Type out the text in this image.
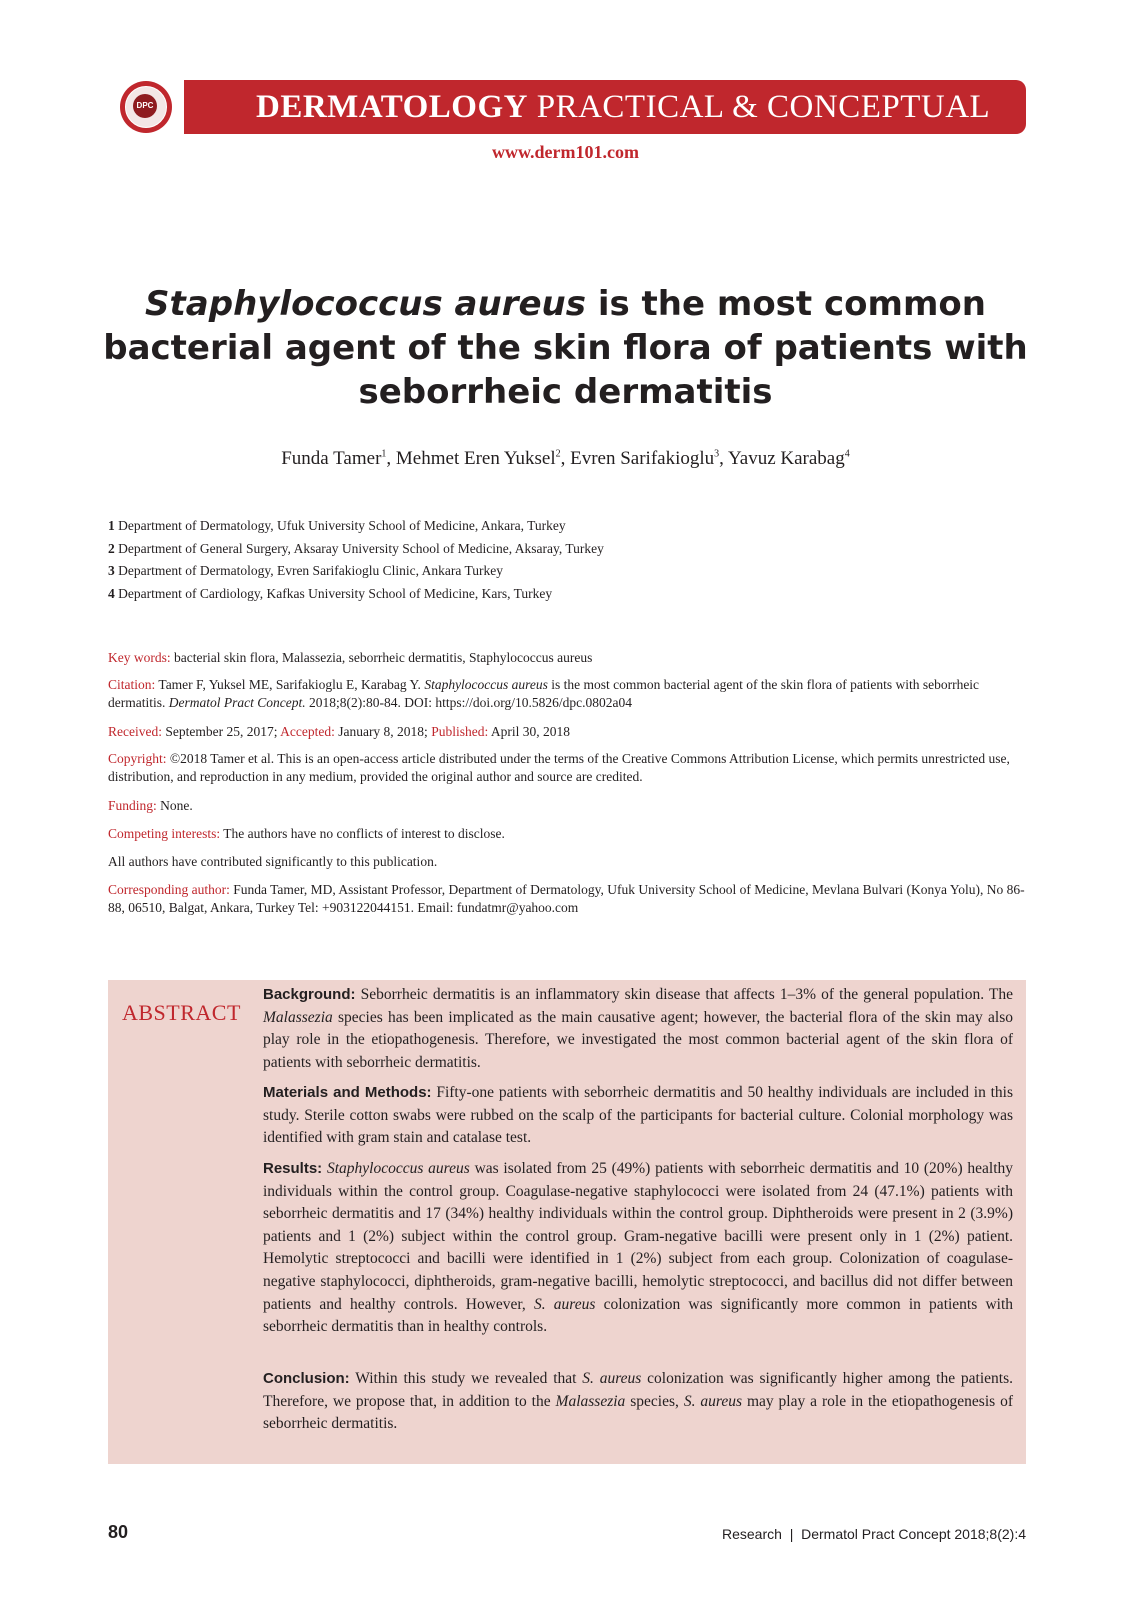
DPC	DERMATOLOGY PRACTICAL & CONCEPTUAL
www.derm101.com
Staphylococcus aureus is the most common bacterial agent of the skin flora of patients with seborrheic dermatitis
Funda Tamer$^1$, Mehmet Eren Yuksel$^2$, Evren Sarifakioglu$^3$, Yavuz Karabag$^4$
1 Department of Dermatology, Ufuk University School of Medicine, Ankara, Turkey
2 Department of General Surgery, Aksaray University School of Medicine, Aksaray, Turkey
3 Department of Dermatology, Evren Sarifakioglu Clinic, Ankara Turkey
4 Department of Cardiology, Kafkas University School of Medicine, Kars, Turkey
Key words: bacterial skin flora, Malassezia, seborrheic dermatitis, Staphylococcus aureus
Citation: Tamer F, Yuksel ME, Sarifakioglu E, Karabag Y. Staphylococcus aureus is the most common bacterial agent of the skin flora of patients with seborrheic dermatitis. Dermatol Pract Concept. 2018;8(2):80-84. DOI: https://doi.org/10.5826/dpc.0802a04
Received: September 25, 2017; Accepted: January 8, 2018; Published: April 30, 2018
Copyright: ©2018 Tamer et al. This is an open-access article distributed under the terms of the Creative Commons Attribution License, which permits unrestricted use, distribution, and reproduction in any medium, provided the original author and source are credited.
Funding: None.
Competing interests: The authors have no conflicts of interest to disclose.
All authors have contributed significantly to this publication.
Corresponding author: Funda Tamer, MD, Assistant Professor, Department of Dermatology, Ufuk University School of Medicine, Mevlana Bulvari (Konya Yolu), No 86-88, 06510, Balgat, Ankara, Turkey Tel: +903122044151. Email: fundatmr@yahoo.com
ABSTRACT
Background: Seborrheic dermatitis is an inflammatory skin disease that affects 1–3% of the general population. The Malassezia species has been implicated as the main causative agent; however, the bacterial flora of the skin may also play role in the etiopathogenesis. Therefore, we investigated the most common bacterial agent of the skin flora of patients with seborrheic dermatitis.
Materials and Methods: Fifty-one patients with seborrheic dermatitis and 50 healthy individuals are included in this study. Sterile cotton swabs were rubbed on the scalp of the participants for bacterial culture. Colonial morphology was identified with gram stain and catalase test.
Results: Staphylococcus aureus was isolated from 25 (49%) patients with seborrheic dermatitis and 10 (20%) healthy individuals within the control group. Coagulase-negative staphylococci were isolated from 24 (47.1%) patients with seborrheic dermatitis and 17 (34%) healthy individuals within the control group. Diphtheroids were present in 2 (3.9%) patients and 1 (2%) subject within the control group. Gram-negative bacilli were present only in 1 (2%) patient. Hemolytic streptococci and bacilli were identified in 1 (2%) subject from each group. Colonization of coagulase-negative staphylococci, diphtheroids, gram-negative bacilli, hemolytic streptococci, and bacillus did not differ between patients and healthy controls. However, S. aureus colonization was significantly more common in patients with seborrheic dermatitis than in healthy controls.
Conclusion: Within this study we revealed that S. aureus colonization was significantly higher among the patients. Therefore, we propose that, in addition to the Malassezia species, S. aureus may play a role in the etiopathogenesis of seborrheic dermatitis.
80	Research | Dermatol Pract Concept 2018;8(2):4
